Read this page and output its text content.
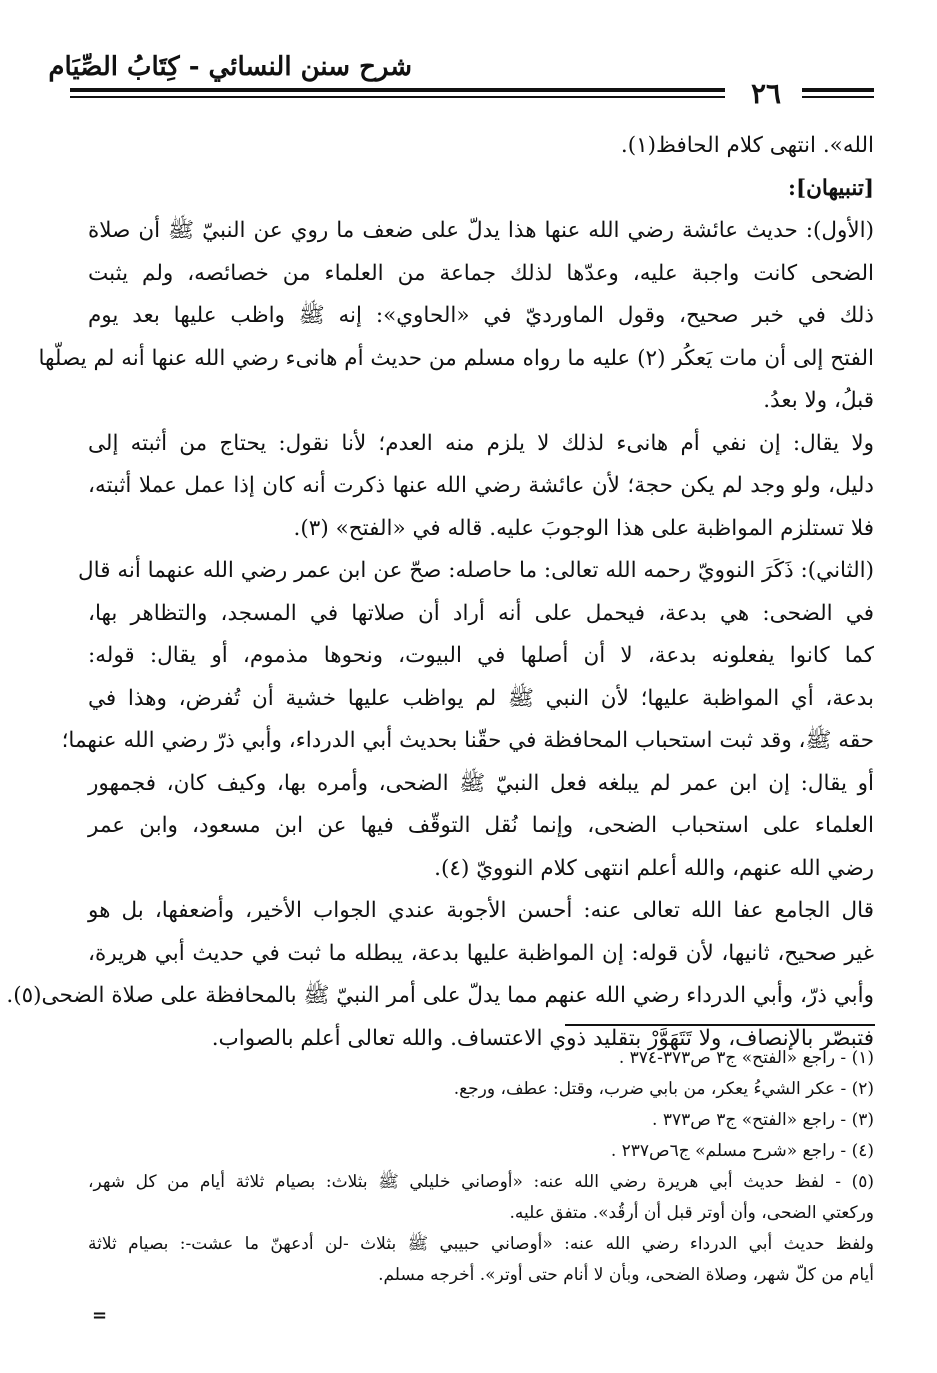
شرح سنن النسائي - كِتَابُ الصِّيَام
٢٦
الله». انتهى كلام الحافظ(١).
[تنبيهان]:
(الأول): حديث عائشة رضي الله عنها هذا يدلّ على ضعف ما روي عن النبيّ ﷺ أن صلاة
الضحى كانت واجبة عليه، وعدّها لذلك جماعة من العلماء من خصائصه، ولم يثبت
ذلك في خبر صحيح، وقول الماورديّ في «الحاوي»: إنه ﷺ واظب عليها بعد يوم
الفتح إلى أن مات يَعكُر (٢) عليه ما رواه مسلم من حديث أم هانىء رضي الله عنها أنه لم يصلّها
قبلُ، ولا بعدُ.
ولا يقال: إن نفي أم هانىء لذلك لا يلزم منه العدم؛ لأنا نقول: يحتاج من أثبته إلى
دليل، ولو وجد لم يكن حجة؛ لأن عائشة رضي الله عنها ذكرت أنه كان إذا عمل عملا أثبته،
فلا تستلزم المواظبة على هذا الوجوبَ عليه. قاله في «الفتح» (٣).
(الثاني): ذَكَرَ النوويّ رحمه الله تعالى: ما حاصله: صحّ عن ابن عمر رضي الله عنهما أنه قال
في الضحى: هي بدعة، فيحمل على أنه أراد أن صلاتها في المسجد، والتظاهر بها،
كما كانوا يفعلونه بدعة، لا أن أصلها في البيوت، ونحوها مذموم، أو يقال: قوله:
بدعة، أي المواظبة عليها؛ لأن النبي ﷺ لم يواظب عليها خشية أن تُفرض، وهذا في
حقه ﷺ، وقد ثبت استحباب المحافظة في حقّنا بحديث أبي الدرداء، وأبي ذرّ رضي الله عنهما؛
أو يقال: إن ابن عمر لم يبلغه فعل النبيّ ﷺ الضحى، وأمره بها، وكيف كان، فجمهور
العلماء على استحباب الضحى، وإنما نُقل التوقّف فيها عن ابن مسعود، وابن عمر
رضي الله عنهم، والله أعلم انتهى كلام النوويّ (٤).
قال الجامع عفا الله تعالى عنه: أحسن الأجوبة عندي الجواب الأخير، وأضعفها، بل هو
غير صحيح، ثانيها، لأن قوله: إن المواظبة عليها بدعة، يبطله ما ثبت في حديث أبي هريرة،
وأبي ذرّ، وأبي الدرداء رضي الله عنهم مما يدلّ على أمر النبيّ ﷺ بالمحافظة على صلاة الضحى(٥).
فتبصّر بالإنصاف، ولا تَتَهَوَّرْ بتقليد ذوي الاعتساف. والله تعالى أعلم بالصواب.
(١) - راجع «الفتح» ج٣ ص٣٧٣-٣٧٤ .
(٢) - عكر الشيءُ يعكر، من بابي ضرب، وقتل: عطف، ورجع.
(٣) - راجع «الفتح» ج٣ ص٣٧٣ .
(٤) - راجع «شرح مسلم» ج٦ص٢٣٧ .
(٥) - لفظ حديث أبي هريرة رضي الله عنه: «أوصاني خليلي ﷺ بثلاث: بصيام ثلاثة أيام من كل شهر،
وركعتي الضحى، وأن أوتر قبل أن أرقُد». متفق عليه.
ولفظ حديث أبي الدرداء رضي الله عنه: «أوصاني حبيبي ﷺ بثلاث -لن أدعهنّ ما عشت-: بصيام ثلاثة
أيام من كلّ شهر، وصلاة الضحى، وبأن لا أنام حتى أوتر». أخرجه مسلم.
=
